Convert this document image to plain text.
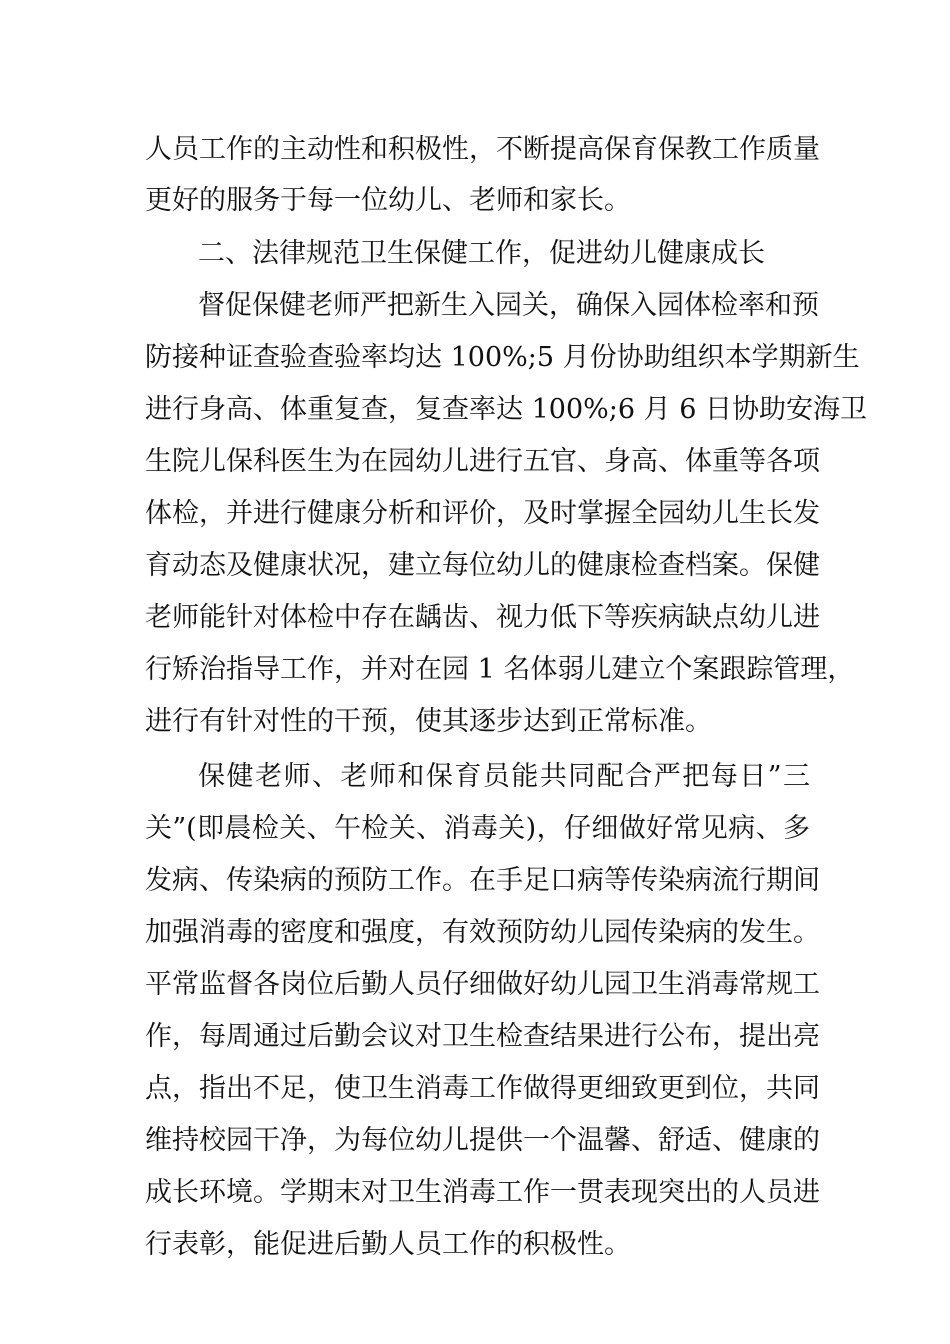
人员工作的主动性和积极性，不断提高保育保教工作质量
更好的服务于每一位幼儿、老师和家长。
二、法律规范卫生保健工作，促进幼儿健康成长
督促保健老师严把新生入园关，确保入园体检率和预
防接种证查验查验率均达 100%;5 月份协助组织本学期新生
进行身高、体重复查，复查率达 100%;6 月 6 日协助安海卫
生院儿保科医生为在园幼儿进行五官、身高、体重等各项
体检，并进行健康分析和评价，及时掌握全园幼儿生长发
育动态及健康状况，建立每位幼儿的健康检查档案。保健
老师能针对体检中存在龋齿、视力低下等疾病缺点幼儿进
行矫治指导工作，并对在园 1 名体弱儿建立个案跟踪管理，
进行有针对性的干预，使其逐步达到正常标准。
保健老师、老师和保育员能共同配合严把每日”三
关”(即晨检关、午检关、消毒关)，仔细做好常见病、多
发病、传染病的预防工作。在手足口病等传染病流行期间
加强消毒的密度和强度，有效预防幼儿园传染病的发生。
平常监督各岗位后勤人员仔细做好幼儿园卫生消毒常规工
作，每周通过后勤会议对卫生检查结果进行公布，提出亮
点，指出不足，使卫生消毒工作做得更细致更到位，共同
维持校园干净，为每位幼儿提供一个温馨、舒适、健康的
成长环境。学期末对卫生消毒工作一贯表现突出的人员进
行表彰，能促进后勤人员工作的积极性。
